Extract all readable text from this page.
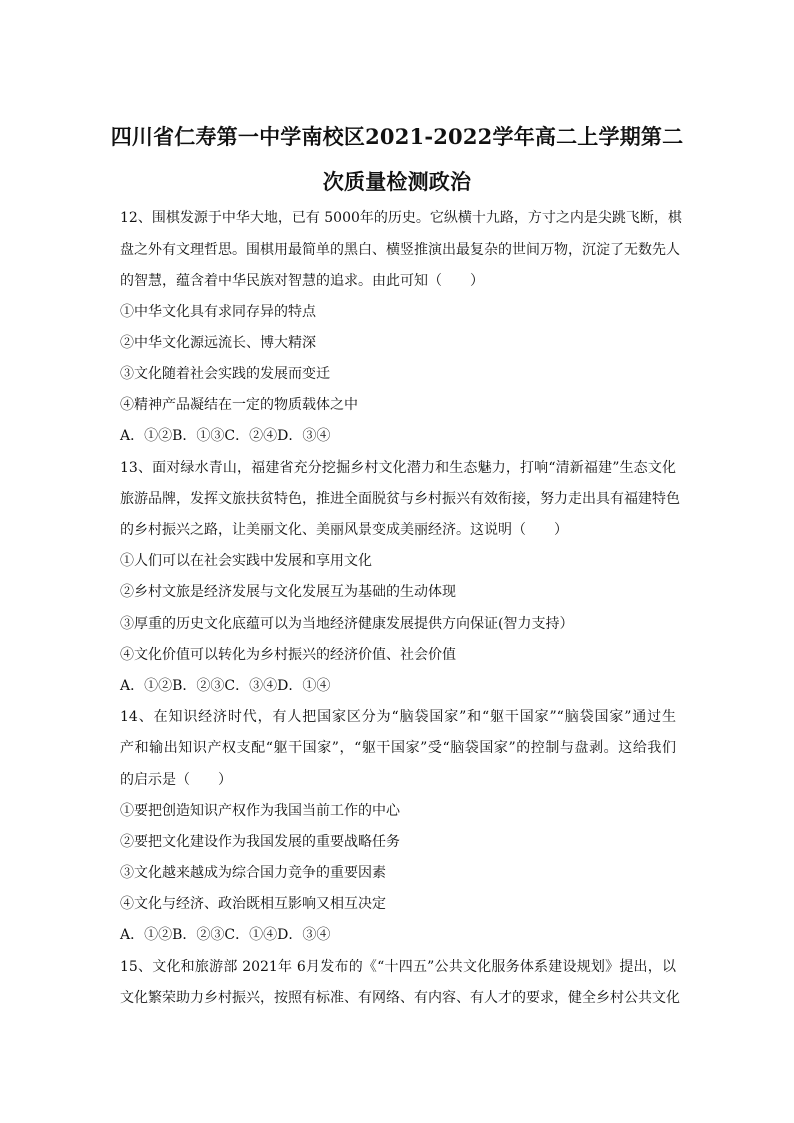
四川省仁寿第一中学南校区2021-2022学年高二上学期第二
次质量检测政治
12、围棋发源于中华大地，已有 5000年的历史。它纵横十九路，方寸之内是尖跳飞断，棋
盘之外有文理哲思。围棋用最简单的黑白、横竖推演出最复杂的世间万物，沉淀了无数先人
的智慧，蕴含着中华民族对智慧的追求。由此可知（　　）
①中华文化具有求同存异的特点
②中华文化源远流长、博大精深
③文化随着社会实践的发展而变迁
④精神产品凝结在一定的物质载体之中
A．①②B．①③C．②④D．③④
13、面对绿水青山，福建省充分挖掘乡村文化潜力和生态魅力，打响“清新福建”生态文化
旅游品牌，发挥文旅扶贫特色，推进全面脱贫与乡村振兴有效衔接，努力走出具有福建特色
的乡村振兴之路，让美丽文化、美丽风景变成美丽经济。这说明（　　）
①人们可以在社会实践中发展和享用文化
②乡村文旅是经济发展与文化发展互为基础的生动体现
③厚重的历史文化底蕴可以为当地经济健康发展提供方向保证(智力支持）
④文化价值可以转化为乡村振兴的经济价值、社会价值
A．①②B．②③C．③④D．①④
14、在知识经济时代，有人把国家区分为“脑袋国家”和“躯干国家”“脑袋国家”通过生
产和输出知识产权支配“躯干国家”，“躯干国家”受“脑袋国家”的控制与盘剥。这给我们
的启示是（　　）
①要把创造知识产权作为我国当前工作的中心
②要把文化建设作为我国发展的重要战略任务
③文化越来越成为综合国力竞争的重要因素
④文化与经济、政治既相互影响又相互决定
A．①②B．②③C．①④D．③④
15、文化和旅游部 2021年 6月发布的《“十四五”公共文化服务体系建设规划》提出，以
文化繁荣助力乡村振兴，按照有标准、有网络、有内容、有人才的要求，健全乡村公共文化
